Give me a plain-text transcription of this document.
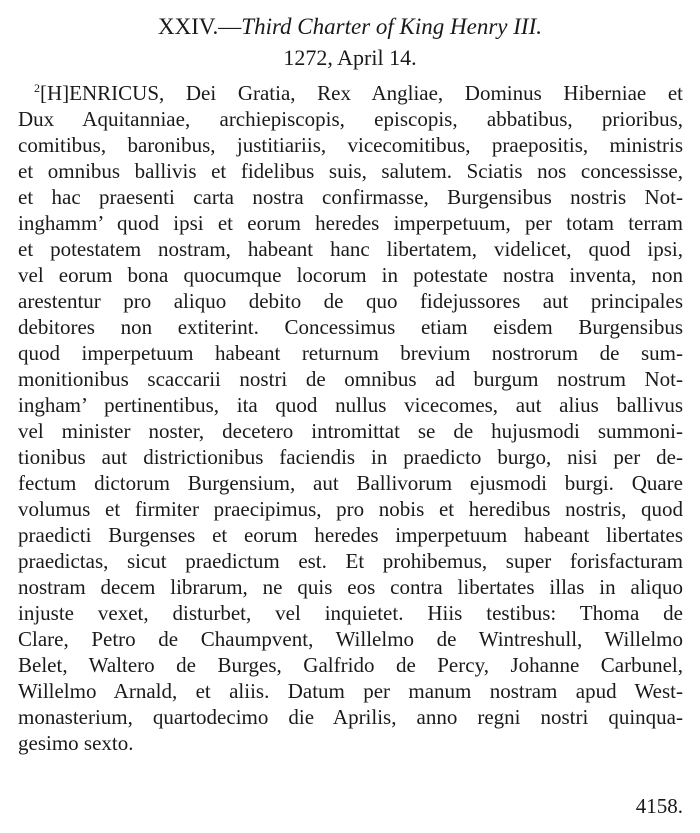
XXIV.—Third Charter of King Henry III.
1272, April 14.
$^2$[H]ENRICUS, Dei Gratia, Rex Angliae, Dominus Hiberniae et
Dux Aquitanniae, archiepiscopis, episcopis, abbatibus, prioribus,
comitibus, baronibus, justitiariis, vicecomitibus, praepositis, ministris
et omnibus ballivis et fidelibus suis, salutem. Sciatis nos concessisse,
et hac praesenti carta nostra confirmasse, Burgensibus nostris Not-
inghamm’ quod ipsi et eorum heredes imperpetuum, per totam terram
et potestatem nostram, habeant hanc libertatem, videlicet, quod ipsi,
vel eorum bona quocumque locorum in potestate nostra inventa, non
arestentur pro aliquo debito de quo fidejussores aut principales
debitores non extiterint. Concessimus etiam eisdem Burgensibus
quod imperpetuum habeant returnum brevium nostrorum de sum-
monitionibus scaccarii nostri de omnibus ad burgum nostrum Not-
ingham’ pertinentibus, ita quod nullus vicecomes, aut alius ballivus
vel minister noster, decetero intromittat se de hujusmodi summoni-
tionibus aut districtionibus faciendis in praedicto burgo, nisi per de-
fectum dictorum Burgensium, aut Ballivorum ejusmodi burgi. Quare
volumus et firmiter praecipimus, pro nobis et heredibus nostris, quod
praedicti Burgenses et eorum heredes imperpetuum habeant libertates
praedictas, sicut praedictum est. Et prohibemus, super forisfacturam
nostram decem librarum, ne quis eos contra libertates illas in aliquo
injuste vexet, disturbet, vel inquietet. Hiis testibus: Thoma de
Clare, Petro de Chaumpvent, Willelmo de Wintreshull, Willelmo
Belet, Waltero de Burges, Galfrido de Percy, Johanne Carbunel,
Willelmo Arnald, et aliis. Datum per manum nostram apud West-
monasterium, quartodecimo die Aprilis, anno regni nostri quinqua-
gesimo sexto.
4158.
